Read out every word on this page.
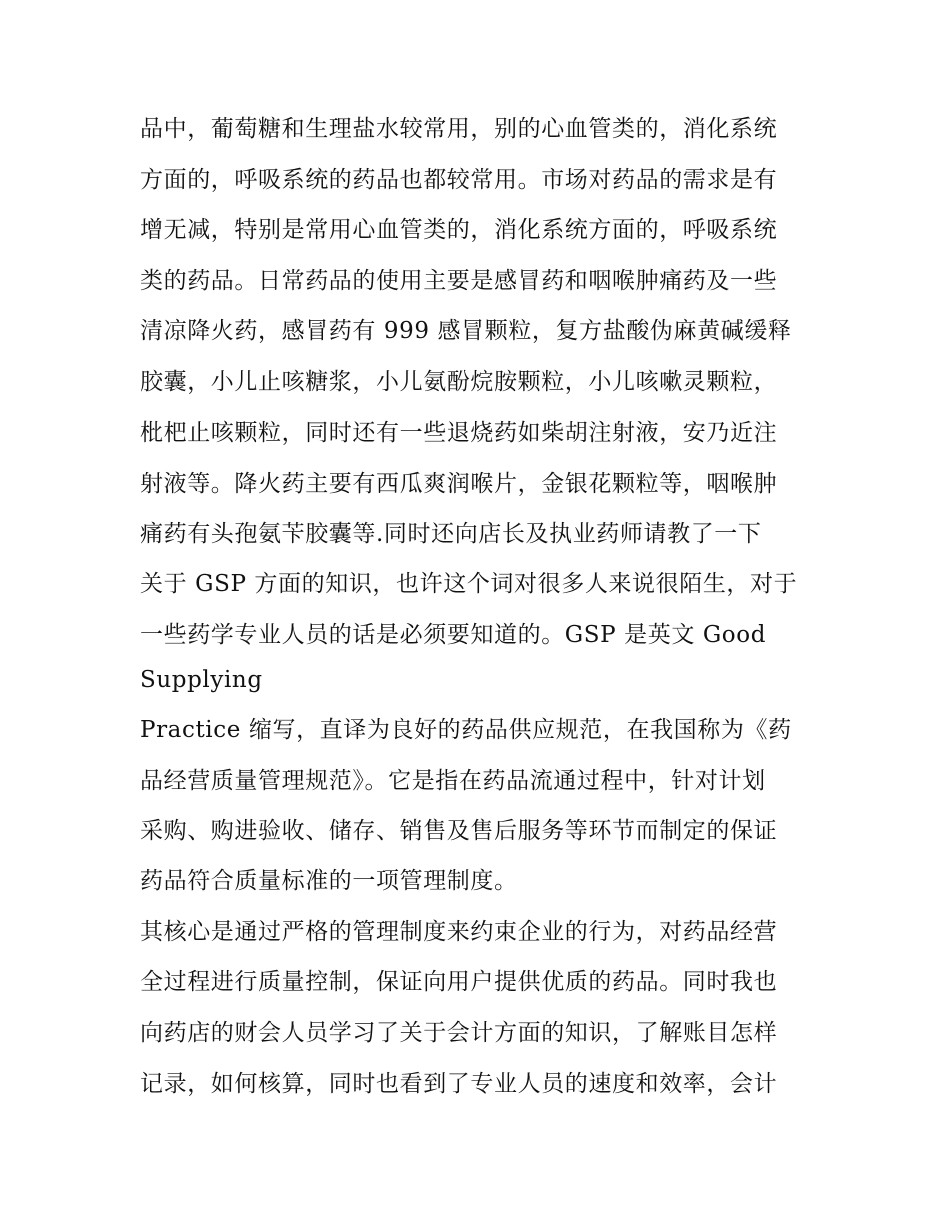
品中，葡萄糖和生理盐水较常用，别的心血管类的，消化系统
方面的，呼吸系统的药品也都较常用。市场对药品的需求是有
增无减，特别是常用心血管类的，消化系统方面的，呼吸系统
类的药品。日常药品的使用主要是感冒药和咽喉肿痛药及一些
清凉降火药，感冒药有 999 感冒颗粒，复方盐酸伪麻黄碱缓释
胶囊，小儿止咳糖浆，小儿氨酚烷胺颗粒，小儿咳嗽灵颗粒，
枇杷止咳颗粒，同时还有一些退烧药如柴胡注射液，安乃近注
射液等。降火药主要有西瓜爽润喉片，金银花颗粒等，咽喉肿
痛药有头孢氨苄胶囊等.同时还向店长及执业药师请教了一下
关于 GSP 方面的知识，也许这个词对很多人来说很陌生，对于
一些药学专业人员的话是必须要知道的。GSP 是英文 Good
Supplying
Practice 缩写，直译为良好的药品供应规范，在我国称为《药
品经营质量管理规范》。它是指在药品流通过程中，针对计划
采购、购进验收、储存、销售及售后服务等环节而制定的保证
药品符合质量标准的一项管理制度。
其核心是通过严格的管理制度来约束企业的行为，对药品经营
全过程进行质量控制，保证向用户提供优质的药品。同时我也
向药店的财会人员学习了关于会计方面的知识，了解账目怎样
记录，如何核算，同时也看到了专业人员的速度和效率，会计
